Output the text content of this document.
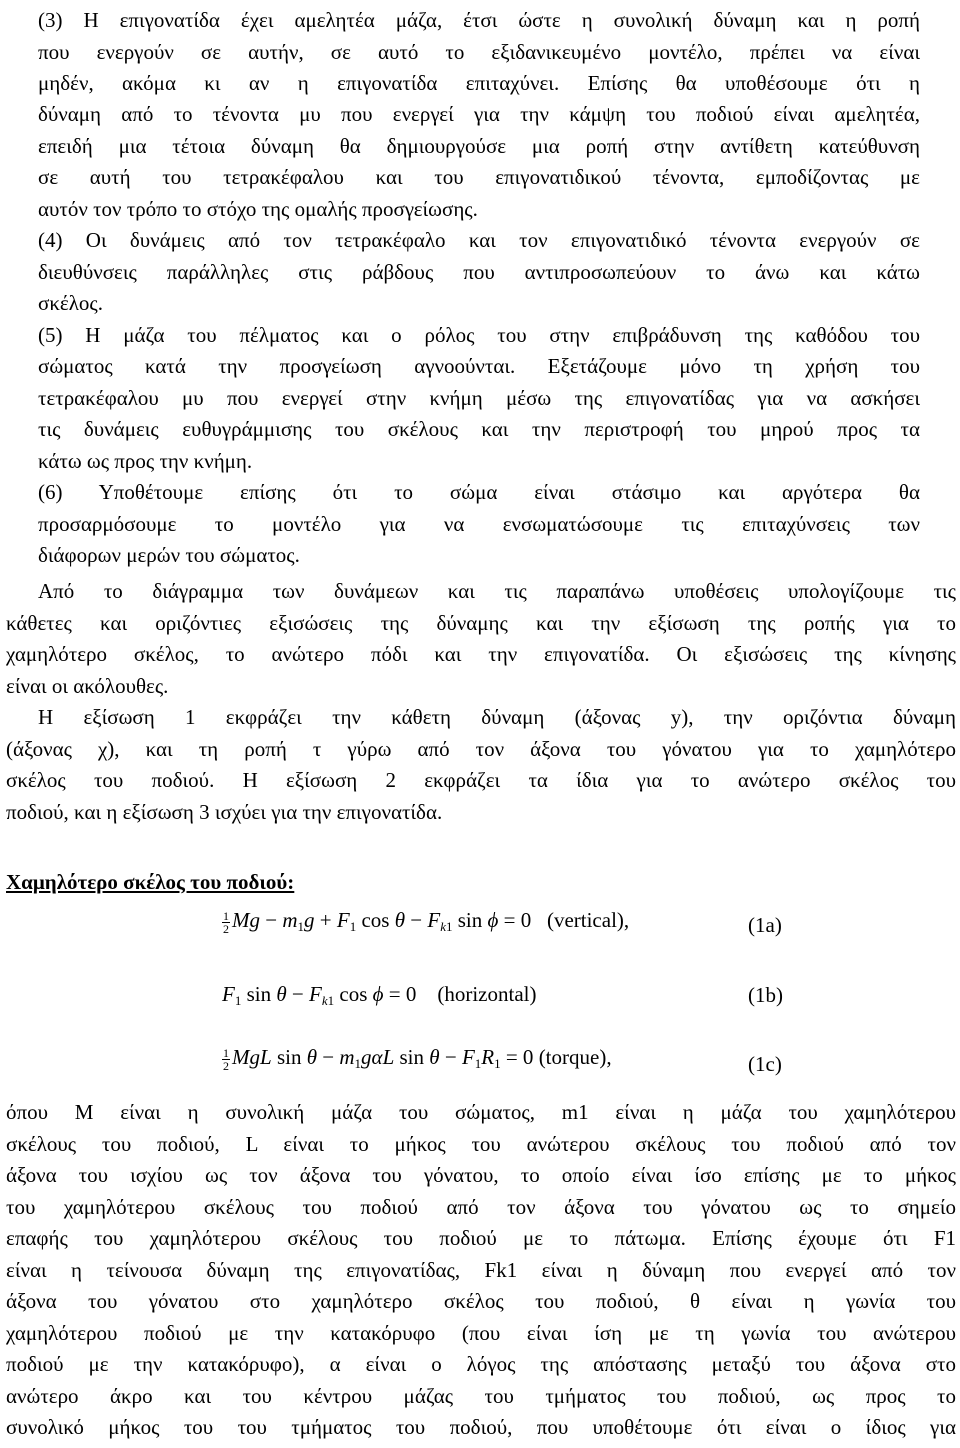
(3) Η επιγονατίδα έχει αμελητέα μάζα, έτσι ώστε η συνολική δύναμη και η ροπή
που ενεργούν σε αυτήν, σε αυτό το εξιδανικευμένο μοντέλο, πρέπει να είναι
μηδέν, ακόμα κι αν η επιγονατίδα επιταχύνει. Επίσης θα υποθέσουμε ότι η
δύναμη από το τένοντα μυ που ενεργεί για την κάμψη του ποδιού είναι αμελητέα,
επειδή μια τέτοια δύναμη θα δημιουργούσε μια ροπή στην αντίθετη κατεύθυνση
σε αυτή του τετρακέφαλου και του επιγονατιδικού τένοντα, εμποδίζοντας με
αυτόν τον τρόπο το στόχο της ομαλής προσγείωσης.
(4) Οι δυνάμεις από τον τετρακέφαλο και τον επιγονατιδικό τένοντα ενεργούν σε
διευθύνσεις παράλληλες στις ράβδους που αντιπροσωπεύουν το άνω και κάτω
σκέλος.
(5) Η μάζα του πέλματος και ο ρόλος του στην επιβράδυνση της καθόδου του
σώματος κατά την προσγείωση αγνοούνται. Εξετάζουμε μόνο τη χρήση του
τετρακέφαλου μυ που ενεργεί στην κνήμη μέσω της επιγονατίδας για να ασκήσει
τις δυνάμεις ευθυγράμμισης του σκέλους και την περιστροφή του μηρού προς τα
κάτω ως προς την κνήμη.
(6) Υποθέτουμε επίσης ότι το σώμα είναι στάσιμο και αργότερα θα
προσαρμόσουμε το μοντέλο για να ενσωματώσουμε τις επιταχύνσεις των
διάφορων μερών του σώματος.
Από το διάγραμμα των δυνάμεων και τις παραπάνω υποθέσεις υπολογίζουμε τις
κάθετες και οριζόντιες εξισώσεις της δύναμης και την εξίσωση της ροπής για το
χαμηλότερο σκέλος, το ανώτερο πόδι και την επιγονατίδα. Οι εξισώσεις της κίνησης
είναι οι ακόλουθες.
Η εξίσωση 1 εκφράζει την κάθετη δύναμη (άξονας y), την οριζόντια δύναμη
(άξονας χ), και τη ροπή τ γύρω από τον άξονα του γόνατου για το χαμηλότερο
σκέλος του ποδιού. Η εξίσωση 2 εκφράζει τα ίδια για το ανώτερο σκέλος του
ποδιού, και η εξίσωση 3 ισχύει για την επιγονατίδα.
Χαμηλότερο σκέλος του ποδιού:
$\frac{1}{2}$ $Mg - m_1g + F_1$ $\cos \theta - F_{k1}$ sin ϕ = 0   (vertical),	(1a)
$F_1$ $\sin \theta - F_{k1}$ cos ϕ = 0    (horizontal)	(1b)
$\frac{1}{2}$ MgL $\sin \theta - m_1g\alpha L$ $\sin \theta - F_1R_1 = 0$ (torque),	(1c)
όπου M είναι η συνολική μάζα του σώματος, m1 είναι η μάζα του χαμηλότερου
σκέλους του ποδιού, L είναι το μήκος του ανώτερου σκέλους του ποδιού από τον
άξονα του ισχίου ως τον άξονα του γόνατου, το οποίο είναι ίσο επίσης με το μήκος
του χαμηλότερου σκέλους του ποδιού από τον άξονα του γόνατου ως το σημείο
επαφής του χαμηλότερου σκέλους του ποδιού με το πάτωμα. Επίσης έχουμε ότι F1
είναι η τείνουσα δύναμη της επιγονατίδας, Fk1 είναι η δύναμη που ενεργεί από τον
άξονα του γόνατου στο χαμηλότερο σκέλος του ποδιού, θ είναι η γωνία του
χαμηλότερου ποδιού με την κατακόρυφο (που είναι ίση με τη γωνία του ανώτερου
ποδιού με την κατακόρυφο), α είναι ο λόγος της απόστασης μεταξύ του άξονα στο
ανώτερο άκρο και του κέντρου μάζας του τμήματος του ποδιού, ως προς το
συνολικό μήκος του του τμήματος του ποδιού, που υποθέτουμε ότι είναι ο ίδιος για
